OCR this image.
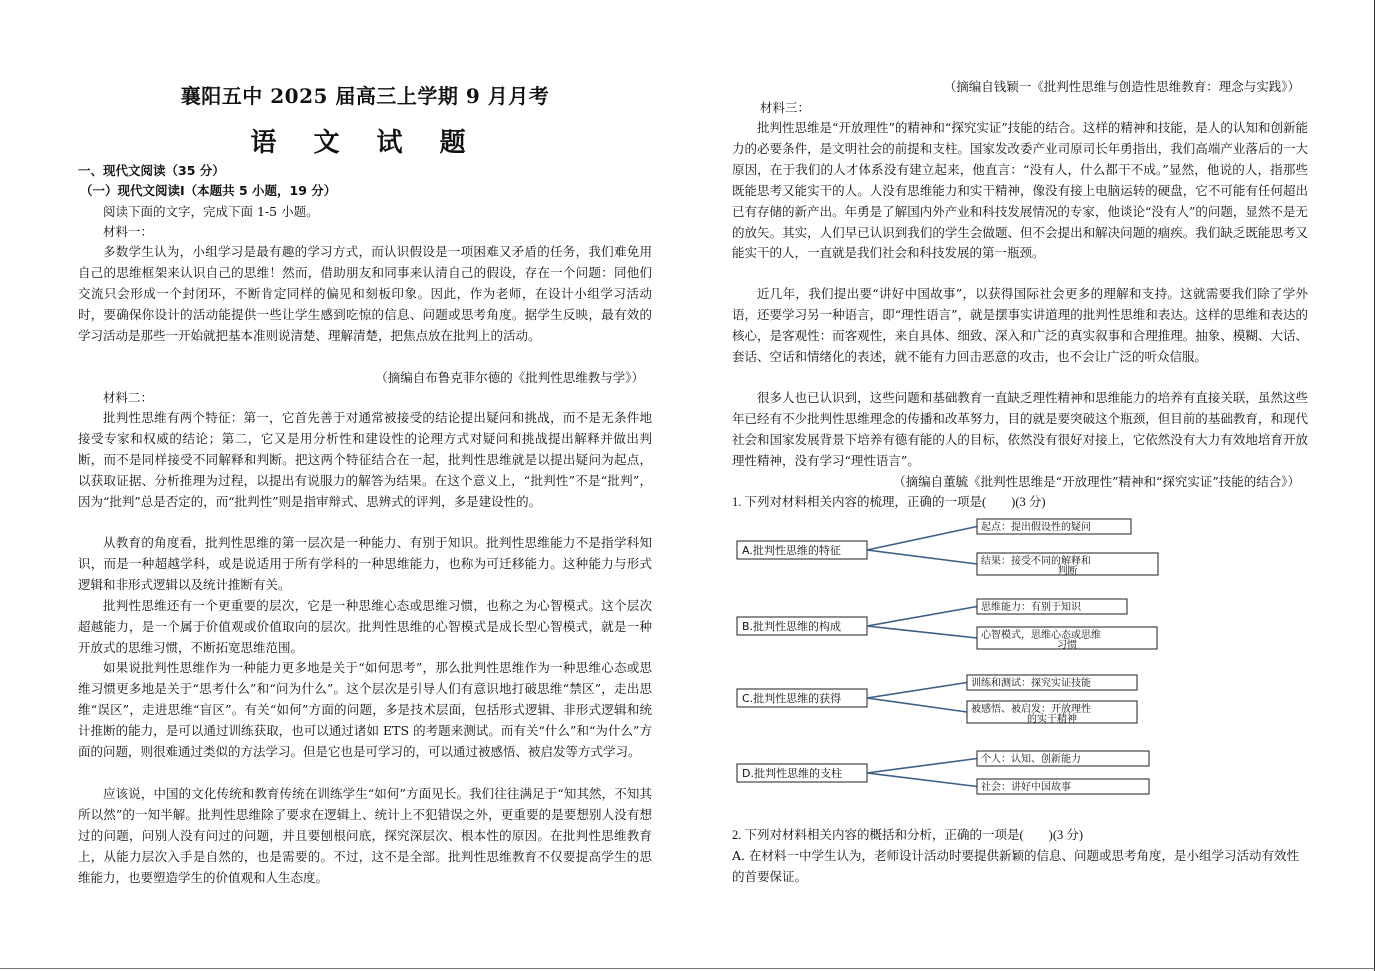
襄阳五中 2025 届高三上学期 9 月月考
语 文 试 题
一、现代文阅读（35 分）
（一）现代文阅读Ⅰ（本题共 5 小题，19 分）
阅读下面的文字，完成下面 1-5 小题。
材料一：

多数学生认为，小组学习是最有趣的学习方式，而认识假设是一项困难又矛盾的任务，我们难免用自己的思维框架来认识自己的思维！然而，借助朋友和同事来认清自己的假设，存在一个问题：同他们交流只会形成一个封闭环，不断肯定同样的偏见和刻板印象。因此，作为老师，在设计小组学习活动时，要确保你设计的活动能提供一些让学生感到吃惊的信息、问题或思考角度。据学生反映，最有效的学习活动是那些一开始就把基本准则说清楚、理解清楚，把焦点放在批判上的活动。

（摘编自布鲁克菲尔德的《批判性思维教与学》）
材料二：

批判性思维有两个特征：第一，它首先善于对通常被接受的结论提出疑问和挑战，而不是无条件地接受专家和权威的结论；第二，它又是用分析性和建设性的论理方式对疑问和挑战提出解释并做出判断，而不是同样接受不同解释和判断。把这两个特征结合在一起，批判性思维就是以提出疑问为起点，以获取证据、分析推理为过程，以提出有说服力的解答为结果。在这个意义上，“批判性”不是“批判”，因为“批判”总是否定的，而“批判性”则是指审辩式、思辨式的评判，多是建设性的。

从教育的角度看，批判性思维的第一层次是一种能力、有别于知识。批判性思维能力不是指学科知识，而是一种超越学科，或是说适用于所有学科的一种思维能力，也称为可迁移能力。这种能力与形式逻辑和非形式逻辑以及统计推断有关。

批判性思维还有一个更重要的层次，它是一种思维心态或思维习惯，也称之为心智模式。这个层次超越能力，是一个属于价值观或价值取向的层次。批判性思维的心智模式是成长型心智模式，就是一种开放式的思维习惯，不断拓宽思维范围。

如果说批判性思维作为一种能力更多地是关于“如何思考”，那么批判性思维作为一种思维心态或思维习惯更多地是关于“思考什么”和“问为什么”。这个层次是引导人们有意识地打破思维“禁区”，走出思维“误区”，走进思维“盲区”。有关“如何”方面的问题，多是技术层面，包括形式逻辑、非形式逻辑和统计推断的能力，是可以通过训练获取，也可以通过诸如 ETS 的考题来测试。而有关“什么”和“为什么”方面的问题，则很难通过类似的方法学习。但是它也是可学习的，可以通过被感悟、被启发等方式学习。

应该说，中国的文化传统和教育传统在训练学生“如何”方面见长。我们往往满足于“知其然，不知其所以然”的一知半解。批判性思维除了要求在逻辑上、统计上不犯错误之外，更重要的是要想别人没有想过的问题，问别人没有问过的问题，并且要刨根问底，探究深层次、根本性的原因。在批判性思维教育上，从能力层次入手是自然的，也是需要的。不过，这不是全部。批判性思维教育不仅要提高学生的思维能力，也要塑造学生的价值观和人生态度。

（摘编自钱颖一《批判性思维与创造性思维教育：理念与实践》）
材料三：

批判性思维是“开放理性”的精神和“探究实证”技能的结合。这样的精神和技能，是人的认知和创新能力的必要条件，是文明社会的前提和支柱。国家发改委产业司原司长年勇指出，我们高端产业落后的一大原因，在于我们的人才体系没有建立起来，他直言：“没有人，什么都干不成。”显然，他说的人，指那些既能思考又能实干的人。人没有思维能力和实干精神，像没有接上电脑运转的硬盘，它不可能有任何超出已有存储的新产出。年勇是了解国内外产业和科技发展情况的专家，他谈论“没有人”的问题，显然不是无的放矢。其实，人们早已认识到我们的学生会做题、但不会提出和解决问题的痼疾。我们缺乏既能思考又能实干的人，一直就是我们社会和科技发展的第一瓶颈。

近几年，我们提出要“讲好中国故事”，以获得国际社会更多的理解和支持。这就需要我们除了学外语，还要学习另一种语言，即“理性语言”，就是摆事实讲道理的批判性思维和表达。这样的思维和表达的核心，是客观性：而客观性，来自具体、细致、深入和广泛的真实叙事和合理推理。抽象、模糊、大话、套话、空话和情绪化的表述，就不能有力回击恶意的攻击，也不会让广泛的听众信服。

很多人也已认识到，这些问题和基础教育一直缺乏理性精神和思维能力的培养有直接关联，虽然这些年已经有不少批判性思维理念的传播和改革努力，目的就是要突破这个瓶颈，但目前的基础教育，和现代社会和国家发展背景下培养有德有能的人的目标，依然没有很好对接上，它依然没有大力有效地培育开放理性精神，没有学习“理性语言”。

（摘编自董毓《批判性思维是“开放理性”精神和“探究实证”技能的结合》）
1. 下列对材料相关内容的梳理，正确的一项是(　　)(3 分)
A.批判性思维的特征
起点：提出假设性的疑问
结果：接受不同的解释和
判断
B.批判性思维的构成
思维能力：有别于知识
心智模式，思维心态或思维
习惯
C.批判性思维的获得
训练和测试：探究实证技能
被感悟、被启发：开放理性
的实干精神
D.批判性思维的支柱
个人：认知、创新能力
社会：讲好中国故事
2. 下列对材料相关内容的概括和分析，正确的一项是(　　)(3 分)

A. 在材料一中学生认为，老师设计活动时要提供新颖的信息、问题或思考角度，是小组学习活动有效性的首要保证。
